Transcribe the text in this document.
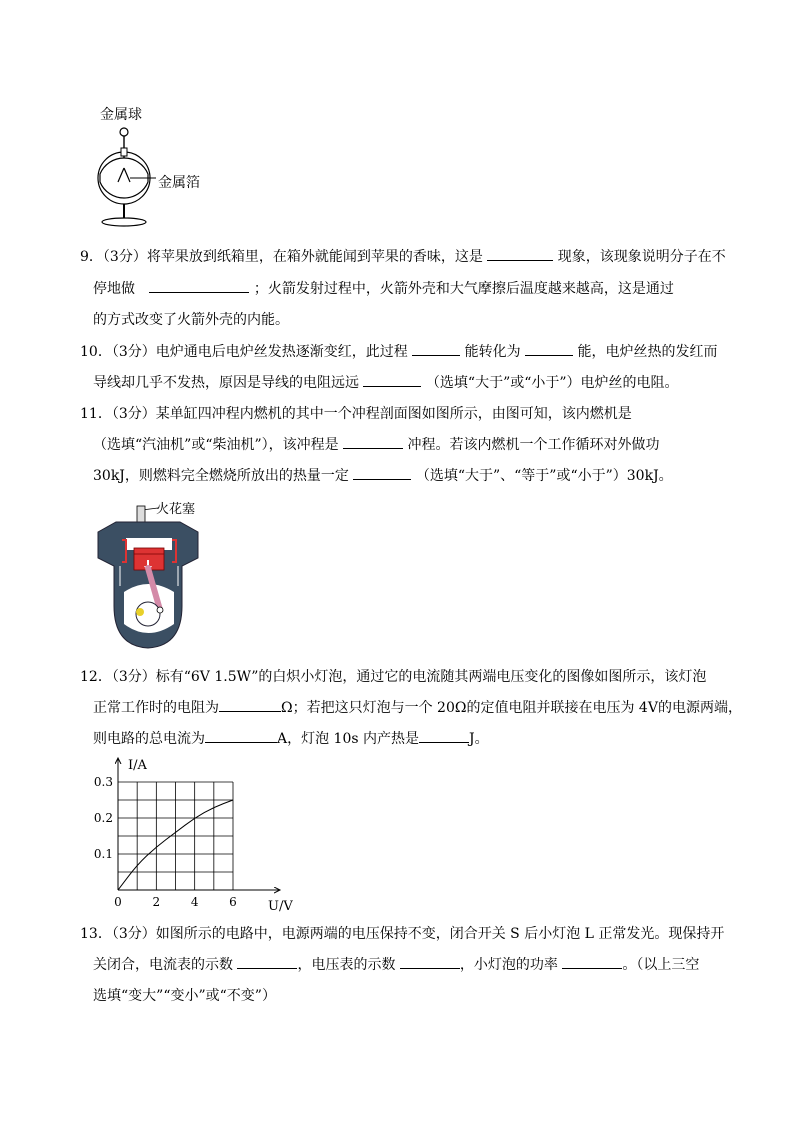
金属球
金属箔
9．（3分）将苹果放到纸箱里，在箱外就能闻到苹果的香味，这是	现象，该现象说明分子在不
停地做	；火箭发射过程中，火箭外壳和大气摩擦后温度越来越高，这是通过
的方式改变了火箭外壳的内能。
10．（3分）电炉通电后电炉丝发热逐渐变红，此过程	能转化为	能，电炉丝热的发红而
导线却几乎不发热，原因是导线的电阻远远	（选填“大于”或“小于”）电炉丝的电阻。
11．（3分）某单缸四冲程内燃机的其中一个冲程剖面图如图所示，由图可知，该内燃机是
（选填“汽油机”或“柴油机”），该冲程是	冲程。若该内燃机一个工作循环对外做功
30kJ，则燃料完全燃烧所放出的热量一定	（选填“大于”、“等于”或“小于”）30kJ。
火花塞
12．（3分）标有“6V 1.5W”的白炽小灯泡，通过它的电流随其两端电压变化的图像如图所示，该灯泡
正常工作时的电阻为	Ω；若把这只灯泡与一个 20Ω的定值电阻并联接在电压为 4V的电源两端，
则电路的总电流为	A，灯泡 10s 内产热是	J。
I/A
U/V
0	2	4	6
0.1
0.2
0.3
13．（3分）如图所示的电路中，电源两端的电压保持不变，闭合开关 S 后小灯泡 L 正常发光。现保持开
关闭合，电流表的示数	，电压表的示数	，小灯泡的功率	。（以上三空
选填“变大”“变小”或“不变”）
